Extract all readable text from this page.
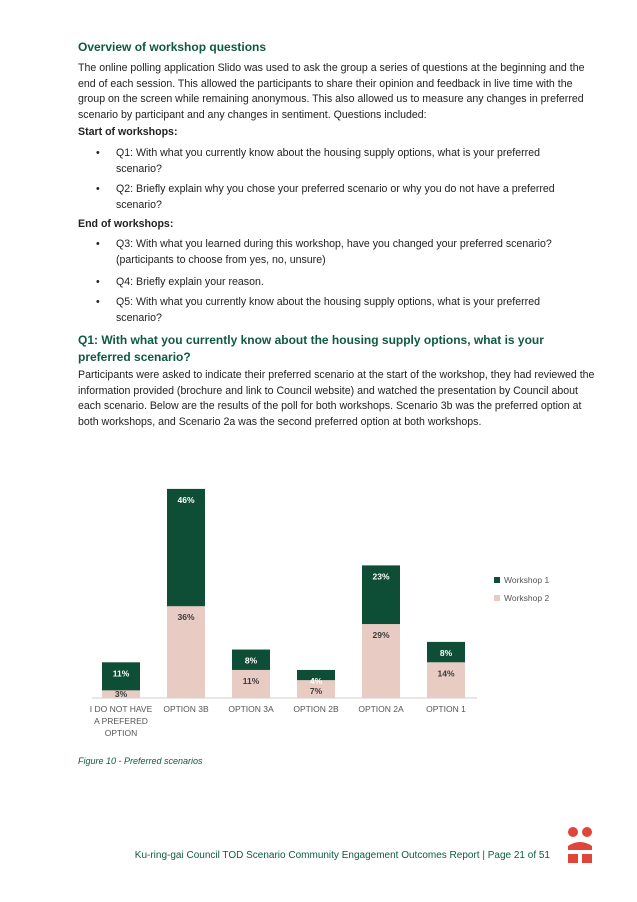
Overview of workshop questions
The online polling application Slido was used to ask the group a series of questions at the beginning and the end of each session. This allowed the participants to share their opinion and feedback in live time with the group on the screen while remaining anonymous. This also allowed us to measure any changes in preferred scenario by participant and any changes in sentiment. Questions included:
Start of workshops:
• Q1: With what you currently know about the housing supply options, what is your preferred scenario?
• Q2: Briefly explain why you chose your preferred scenario or why you do not have a preferred scenario?
End of workshops:
• Q3: With what you learned during this workshop, have you changed your preferred scenario? (participants to choose from yes, no, unsure)
• Q4: Briefly explain your reason.
• Q5: With what you currently know about the housing supply options, what is your preferred scenario?
Q1: With what you currently know about the housing supply options, what is your preferred scenario?
Participants were asked to indicate their preferred scenario at the start of the workshop, they had reviewed the information provided (brochure and link to Council website) and watched the presentation by Council about each scenario. Below are the results of the poll for both workshops. Scenario 3b was the preferred option at both workshops, and Scenario 2a was the second preferred option at both workshops.
11%
3%
46%
36%
8%
11%	4%
7%
23%
29%
8%
14%
I DO NOT HAVE A PREFERED OPTION
OPTION 3B OPTION 3A OPTION 2B OPTION 2A	OPTION 1
Workshop 1
Workshop 2
Figure 10 - Preferred scenarios
Ku-ring-gai Council TOD Scenario Community Engagement Outcomes Report | Page 21 of 51
